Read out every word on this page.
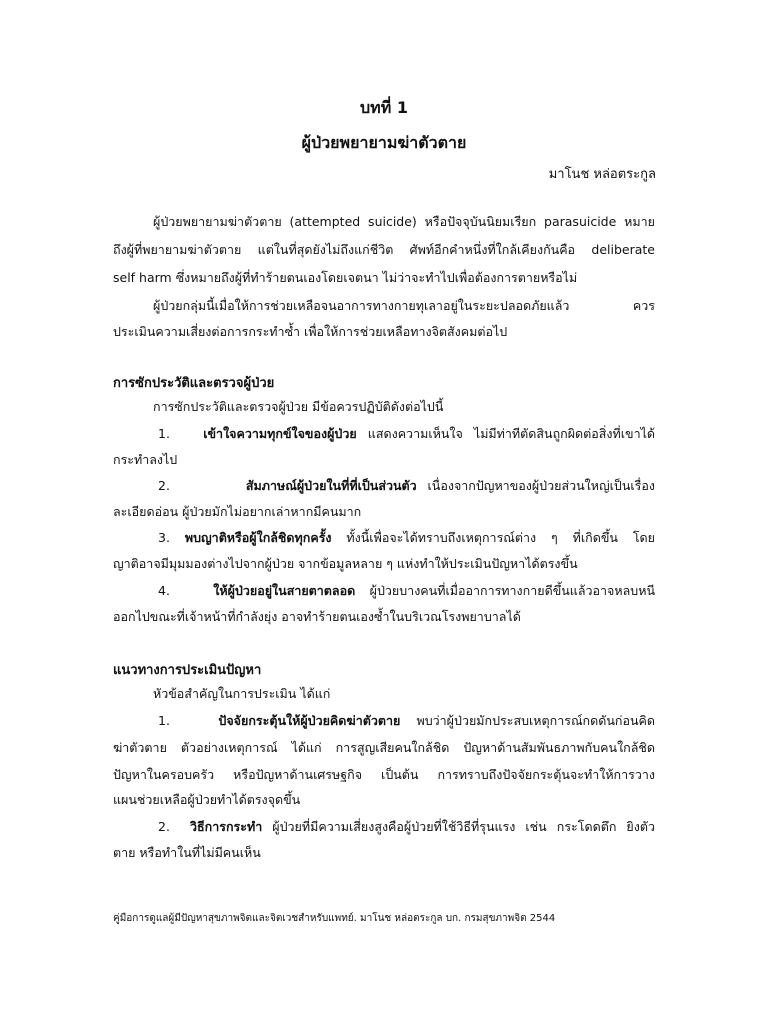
บทที่ 1
ผู้ป่วยพยายามฆ่าตัวตาย
มาโนช หล่อตระกูล
ผู้ป่วยพยายามฆ่าตัวตาย (attempted suicide) หรือปัจจุบันนิยมเรียก parasuicide หมาย
ถึงผู้ที่พยายามฆ่าตัวตาย แต่ในที่สุดยังไม่ถึงแก่ชีวิต ศัพท์อีกคำหนึ่งที่ใกล้เคียงกันคือ deliberate
self harm ซึ่งหมายถึงผู้ที่ทำร้ายตนเองโดยเจตนา ไม่ว่าจะทำไปเพื่อต้องการตายหรือไม่
ผู้ป่วยกลุ่มนี้เมื่อให้การช่วยเหลือจนอาการทางกายทุเลาอยู่ในระยะปลอดภัยแล้ว ควร
ประเมินความเสี่ยงต่อการกระทำซ้ำ เพื่อให้การช่วยเหลือทางจิตสังคมต่อไป
การซักประวัติและตรวจผู้ป่วย
การซักประวัติและตรวจผู้ป่วย มีข้อควรปฏิบัติดังต่อไปนี้
1.	เข้าใจความทุกข์ใจของผู้ป่วย แสดงความเห็นใจ ไม่มีท่าทีตัดสินถูกผิดต่อสิ่งที่เขาได้
กระทำลงไป
2.	สัมภาษณ์ผู้ป่วยในที่ที่เป็นส่วนตัว เนื่องจากปัญหาของผู้ป่วยส่วนใหญ่เป็นเรื่อง
ละเอียดอ่อน ผู้ป่วยมักไม่อยากเล่าหากมีคนมาก
3. พบญาติหรือผู้ใกล้ชิดทุกครั้ง ทั้งนี้เพื่อจะได้ทราบถึงเหตุการณ์ต่าง ๆ ที่เกิดขึ้น โดย
ญาติอาจมีมุมมองต่างไปจากผู้ป่วย จากข้อมูลหลาย ๆ แห่งทำให้ประเมินปัญหาได้ตรงขึ้น
4.	ให้ผู้ป่วยอยู่ในสายตาตลอด ผู้ป่วยบางคนที่เมื่ออาการทางกายดีขึ้นแล้วอาจหลบหนี
ออกไปขณะที่เจ้าหน้าที่กำลังยุ่ง อาจทำร้ายตนเองซ้ำในบริเวณโรงพยาบาลได้
แนวทางการประเมินปัญหา
หัวข้อสำคัญในการประเมิน ได้แก่
1.	ปัจจัยกระตุ้นให้ผู้ป่วยคิดฆ่าตัวตาย พบว่าผู้ป่วยมักประสบเหตุการณ์กดดันก่อนคิด
ฆ่าตัวตาย ตัวอย่างเหตุการณ์ ได้แก่ การสูญเสียคนใกล้ชิด ปัญหาด้านสัมพันธภาพกับคนใกล้ชิด
ปัญหาในครอบครัว หรือปัญหาด้านเศรษฐกิจ เป็นต้น การทราบถึงปัจจัยกระตุ้นจะทำให้การวาง
แผนช่วยเหลือผู้ป่วยทำได้ตรงจุดขึ้น
2. วิธีการกระทำ ผู้ป่วยที่มีความเสี่ยงสูงคือผู้ป่วยที่ใช้วิธีที่รุนแรง เช่น กระโดดตึก ยิงตัว
ตาย หรือทำในที่ไม่มีคนเห็น
คู่มือการดูแลผู้มีปัญหาสุขภาพจิตและจิตเวชสำหรับแพทย์. มาโนช หล่อตระกูล บก. กรมสุขภาพจิต 2544
